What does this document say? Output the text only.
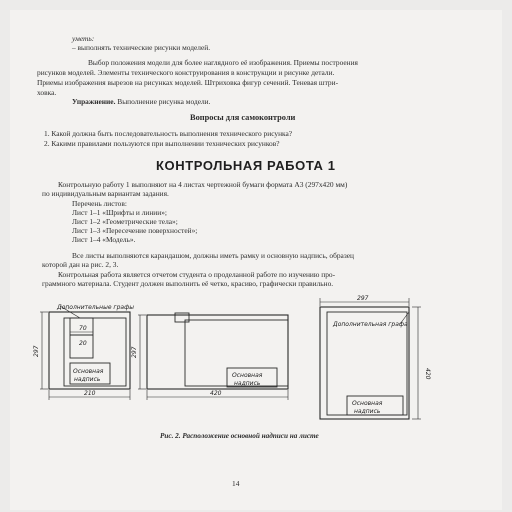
уметь:
– выполнять технические рисунки моделей.
Выбор положения модели для более наглядного её изображения. Приемы построения
рисунков моделей. Элементы технического конструирования в конструкции и рисунке детали.
Приемы изображения вырезов на рисунках моделей. Штриховка фигур сечений. Теневая штри-
ховка.
Упражнение. Выполнение рисунка модели.
Вопросы для самоконтроли
1. Какой должна быть последовательность выполнения технического рисунка?
2. Какими правилами пользуются при выполнении технических рисунков?
КОНТРОЛЬНАЯ РАБОТА 1
Контрольную работу 1 выполняют на 4 листах чертежной бумаги формата А3 (297х420 мм)
по индивидуальным вариантам задания.
Перечень листов:
Лист 1–1 «Шрифты и линии»;
Лист 1–2 «Геометрические тела»;
Лист 1–3 «Пересечение поверхностей»;
Лист 1–4 «Модель».
Все листы выполняются карандашом, должны иметь рамку и основную надпись, образец
которой дан на рис. 2, 3.
Контрольная работа является отчетом студента о проделанной работе по изучению про-
граммного материала. Студент должен выполнить её четко, красиво, графически правильно.
Дополнительные графы
70
20
Основная
надпись
297
210
297
Основная
надпись
420
297
Дополнительная графа
Основная
надпись
420
Рис. 2. Расположение основной надписи на листе
14
